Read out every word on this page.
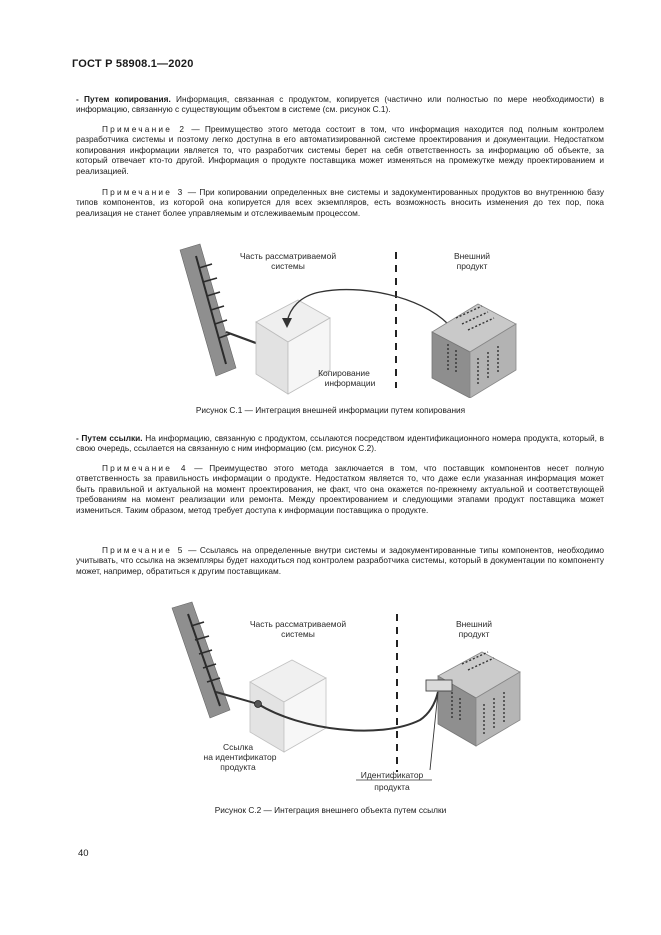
ГОСТ Р 58908.1—2020

- Путем копирования. Информация, связанная с продуктом, копируется (частично или полностью по мере необходимости) в информацию, связанную с существующим объектом в системе (см. рисунок С.1).

Примечание 2 — Преимущество этого метода состоит в том, что информация находится под полным контролем разработчика системы и поэтому легко доступна в его автоматизированной системе проектирования и документации. Недостатком копирования информации является то, что разработчик системы берет на себя ответственность за информацию об объекте, за который отвечает кто-то другой. Информация о продукте поставщика может изменяться на промежутке между проектированием и реализацией.

Примечание 3 — При копировании определенных вне системы и задокументированных продуктов во внутреннюю базу типов компонентов, из которой она копируется для всех экземпляров, есть возможность вносить изменения до тех пор, пока реализация не станет более управляемым и отслеживаемым процессом.

Часть рассматриваемой
системы
Внешний
продукт
Копирование
информации
Рисунок С.1 — Интеграция внешней информации путем копирования

- Путем ссылки. На информацию, связанную с продуктом, ссылаются посредством идентификационного номера продукта, который, в свою очередь, ссылается на связанную с ним информацию (см. рисунок С.2).

Примечание 4 — Преимущество этого метода заключается в том, что поставщик компонентов несет полную ответственность за правильность информации о продукте. Недостатком является то, что даже если указанная информация может быть правильной и актуальной на момент проектирования, не факт, что она окажется по-прежнему актуальной и соответствующей требованиям на момент реализации или ремонта. Между проектированием и следующими этапами продукт поставщика может измениться. Таким образом, метод требует доступа к информации поставщика о продукте.

Примечание 5 — Ссылаясь на определенные внутри системы и задокументированные типы компонентов, необходимо учитывать, что ссылка на экземпляры будет находиться под контролем разработчика системы, который в документации по компоненту может, например, обратиться к другим поставщикам.

Часть рассматриваемой
системы
Ссылка
на идентификатор
продукта
Внешний
продукт
Идентификатор
продукта
Рисунок С.2 — Интеграция внешнего объекта путем ссылки
40
